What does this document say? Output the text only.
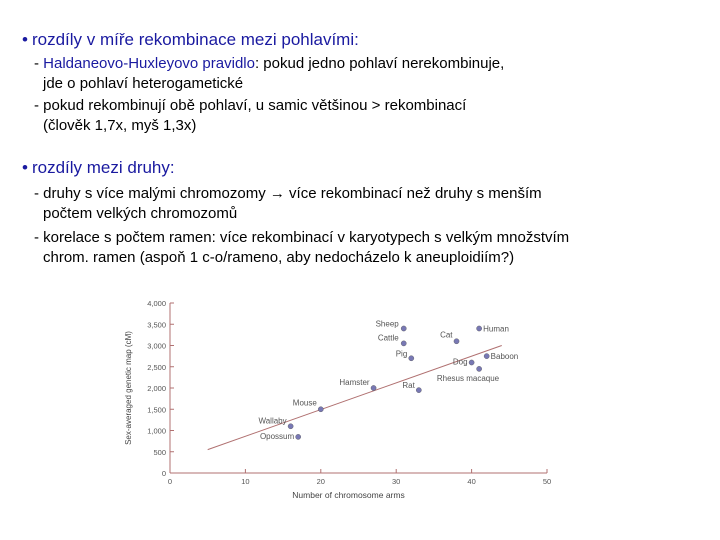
• rozdíly v míře rekombinace mezi pohlavími:
- Haldaneovo-Huxleyovo pravidlo: pokud jedno pohlaví nerekombinuje,
jde o pohlaví heterogametické
- pokud rekombinují obě pohlaví, u samic většinou > rekombinací
(člověk 1,7x, myš 1,3x)
• rozdíly mezi druhy:
- druhy s více malými chromozomy → více rekombinací než druhy s menším
počtem velkých chromozomů
- korelace s počtem ramen: více rekombinací v karyotypech s velkým množstvím
chrom. ramen (aspoň 1 c-o/rameno, aby nedocházelo k aneuploidiím?)
0
500
1,000
1,500
2,000
2,500
3,000
3,500
4,000
0	10	20	30	40	50
Number of chromosome arms
Sex-averaged genetic map (cM)
Sheep
Human
Cattle	Cat
Pig	Baboon
Dog
Rhesus macaque
Hamster	Rat
Mouse
Wallaby
Opossum
